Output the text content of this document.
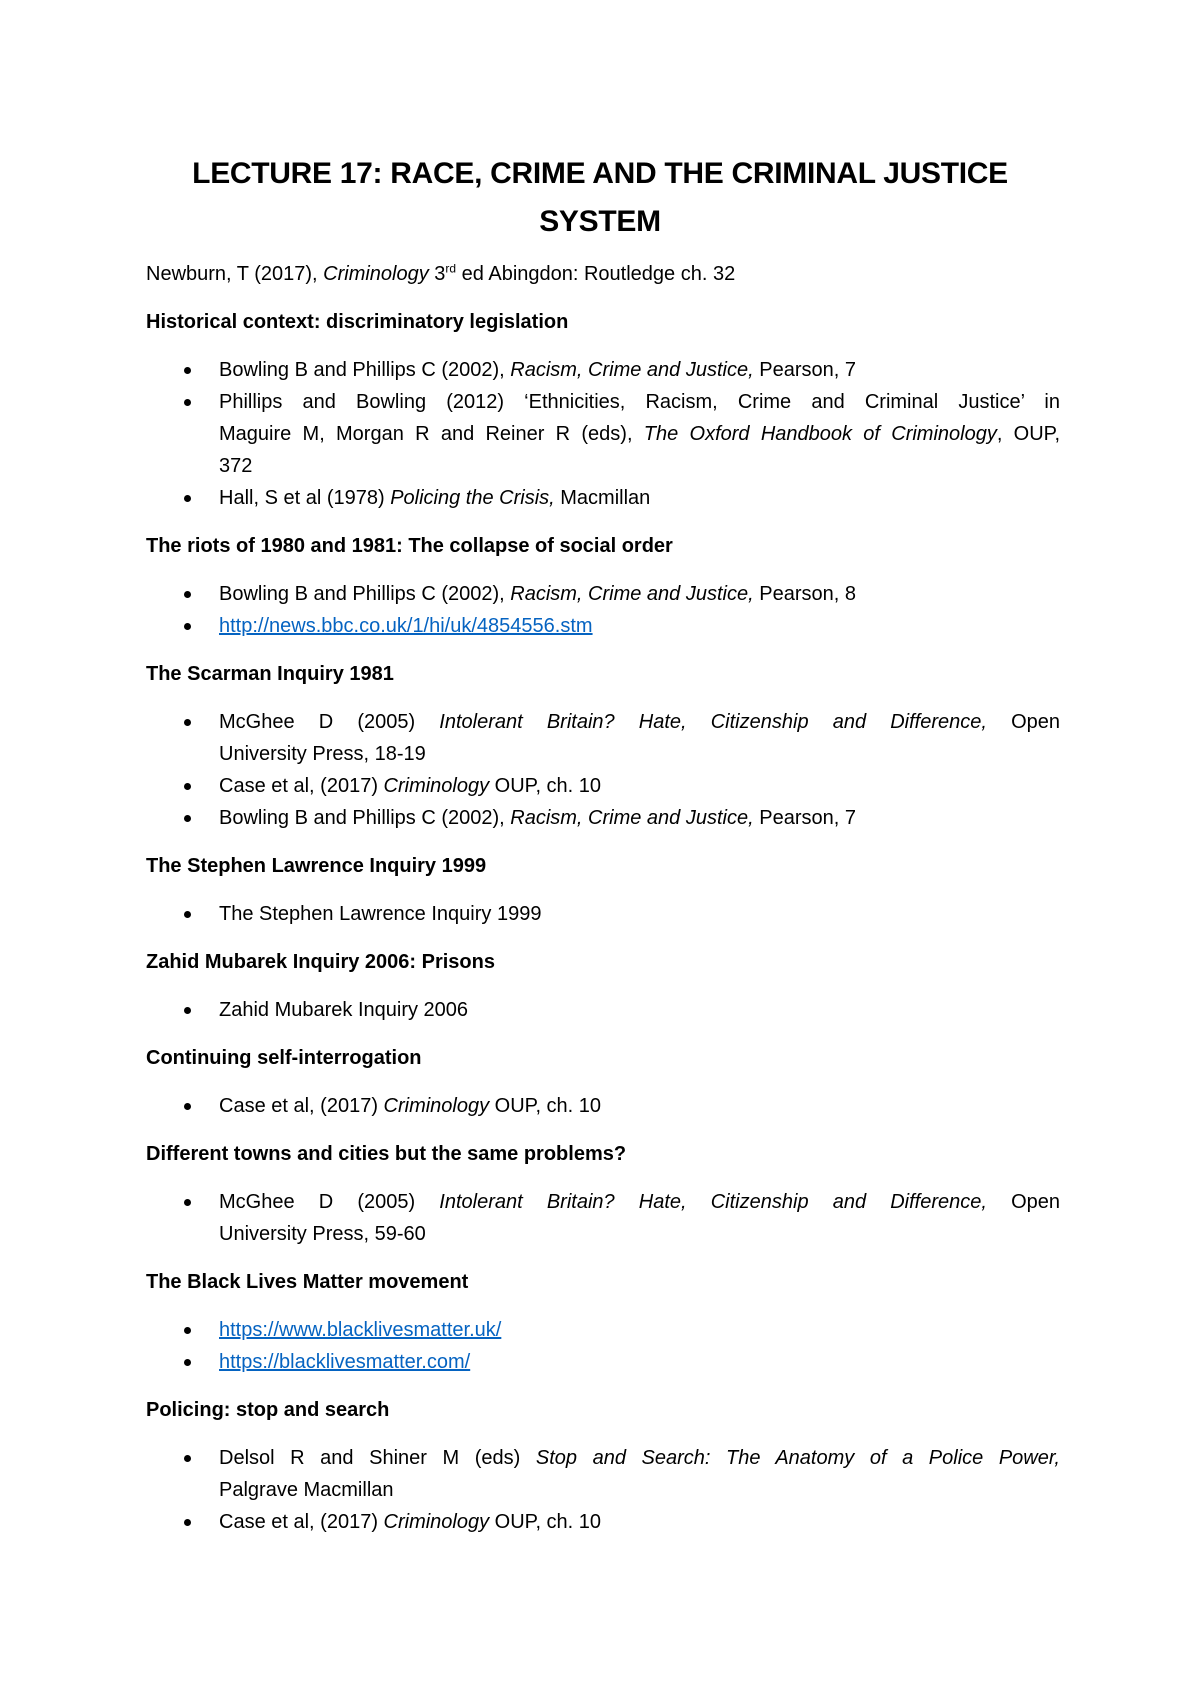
LECTURE 17: RACE, CRIME AND THE CRIMINAL JUSTICE
SYSTEM
Newburn, T (2017), Criminology 3rd ed Abingdon: Routledge ch. 32
Historical context: discriminatory legislation
Bowling B and Phillips C (2002), Racism, Crime and Justice, Pearson, 7
Phillips and Bowling (2012) ‘Ethnicities, Racism, Crime and Criminal Justice’ in
Maguire M, Morgan R and Reiner R (eds), The Oxford Handbook of Criminology, OUP,
372
Hall, S et al (1978) Policing the Crisis, Macmillan
The riots of 1980 and 1981: The collapse of social order
Bowling B and Phillips C (2002), Racism, Crime and Justice, Pearson, 8
http://news.bbc.co.uk/1/hi/uk/4854556.stm
The Scarman Inquiry 1981
McGhee D (2005) Intolerant Britain? Hate, Citizenship and Difference, Open
University Press, 18-19
Case et al, (2017) Criminology OUP, ch. 10
Bowling B and Phillips C (2002), Racism, Crime and Justice, Pearson, 7
The Stephen Lawrence Inquiry 1999
The Stephen Lawrence Inquiry 1999
Zahid Mubarek Inquiry 2006: Prisons
Zahid Mubarek Inquiry 2006
Continuing self-interrogation
Case et al, (2017) Criminology OUP, ch. 10
Different towns and cities but the same problems?
McGhee D (2005) Intolerant Britain? Hate, Citizenship and Difference, Open
University Press, 59-60
The Black Lives Matter movement
https://www.blacklivesmatter.uk/
https://blacklivesmatter.com/
Policing: stop and search
Delsol R and Shiner M (eds) Stop and Search: The Anatomy of a Police Power,
Palgrave Macmillan
Case et al, (2017) Criminology OUP, ch. 10
